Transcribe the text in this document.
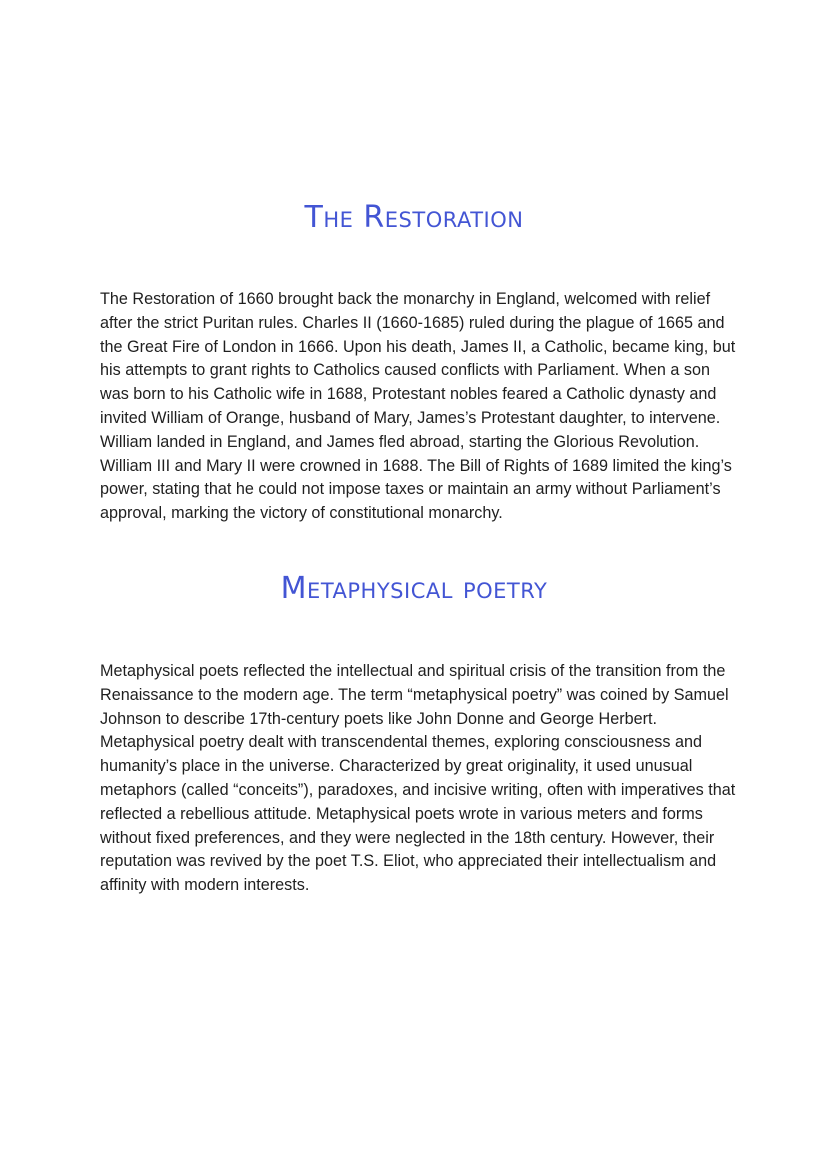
The Restoration

The Restoration of 1660 brought back the monarchy in England, welcomed with relief after the strict Puritan rules. Charles II (1660-1685) ruled during the plague of 1665 and the Great Fire of London in 1666. Upon his death, James II, a Catholic, became king, but his attempts to grant rights to Catholics caused conflicts with Parliament. When a son was born to his Catholic wife in 1688, Protestant nobles feared a Catholic dynasty and invited William of Orange, husband of Mary, James’s Protestant daughter, to intervene. William landed in England, and James fled abroad, starting the Glorious Revolution. William III and Mary II were crowned in 1688. The Bill of Rights of 1689 limited the king’s power, stating that he could not impose taxes or maintain an army without Parliament’s approval, marking the victory of constitutional monarchy.

Metaphysical poetry

Metaphysical poets reflected the intellectual and spiritual crisis of the transition from the Renaissance to the modern age. The term “metaphysical poetry” was coined by Samuel Johnson to describe 17th-century poets like John Donne and George Herbert. Metaphysical poetry dealt with transcendental themes, exploring consciousness and humanity’s place in the universe. Characterized by great originality, it used unusual metaphors (called “conceits”), paradoxes, and incisive writing, often with imperatives that reflected a rebellious attitude. Metaphysical poets wrote in various meters and forms without fixed preferences, and they were neglected in the 18th century. However, their reputation was revived by the poet T.S. Eliot, who appreciated their intellectualism and affinity with modern interests.
